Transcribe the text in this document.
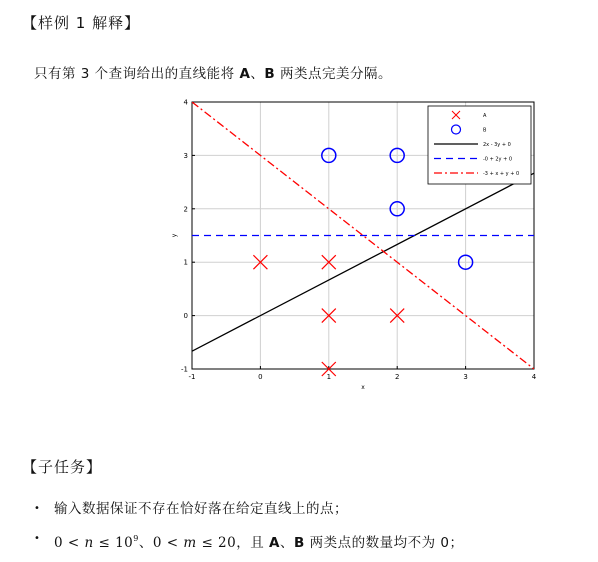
【样例 1 解释】
只有第 3 个查询给出的直线能将 A、B 两类点完美分隔。
-1	0	1	2	3	4
-1
0
1
2
3
4
x
y
A
B
2x - 3y + 0
-0 + 2y + 0
-3 + x + y + 0
【子任务】
• 输入数据保证不存在恰好落在给定直线上的点；
• $0 < n \le 10^9$、0 < m ≤ 20，且 A、B 两类点的数量均不为 0；
